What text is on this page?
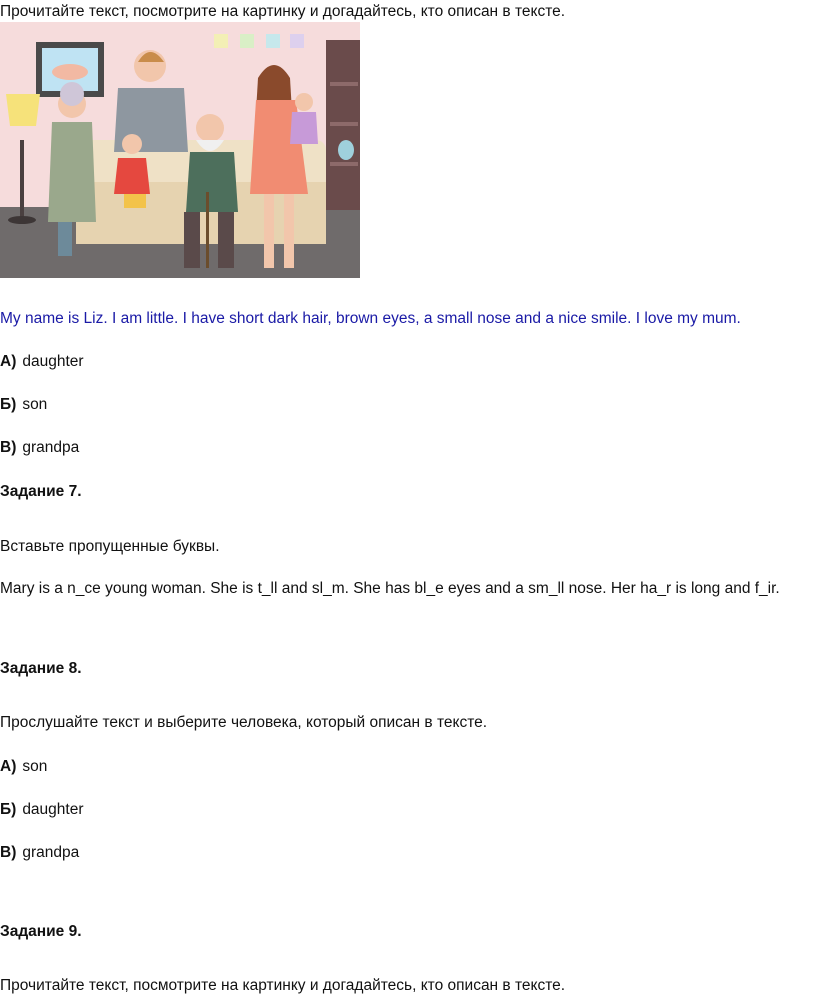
Прочитайте текст, посмотрите на картинку и догадайтесь, кто описан в тексте.
My name is Liz. I am little. I have short dark hair, brown eyes, a small nose and a nice smile. I love my mum.
А) daughter
Б) son
В) grandpa
Задание 7.
Вставьте пропущенные буквы.
Mary is a n_ce young woman. She is t_ll and sl_m. She has bl_e eyes and a sm_ll nose. Her ha_r is long and f_ir.
Задание 8.
Прослушайте текст и выберите человека, который описан в тексте.
А) son
Б) daughter
В) grandpa
Задание 9.
Прочитайте текст, посмотрите на картинку и догадайтесь, кто описан в тексте.
